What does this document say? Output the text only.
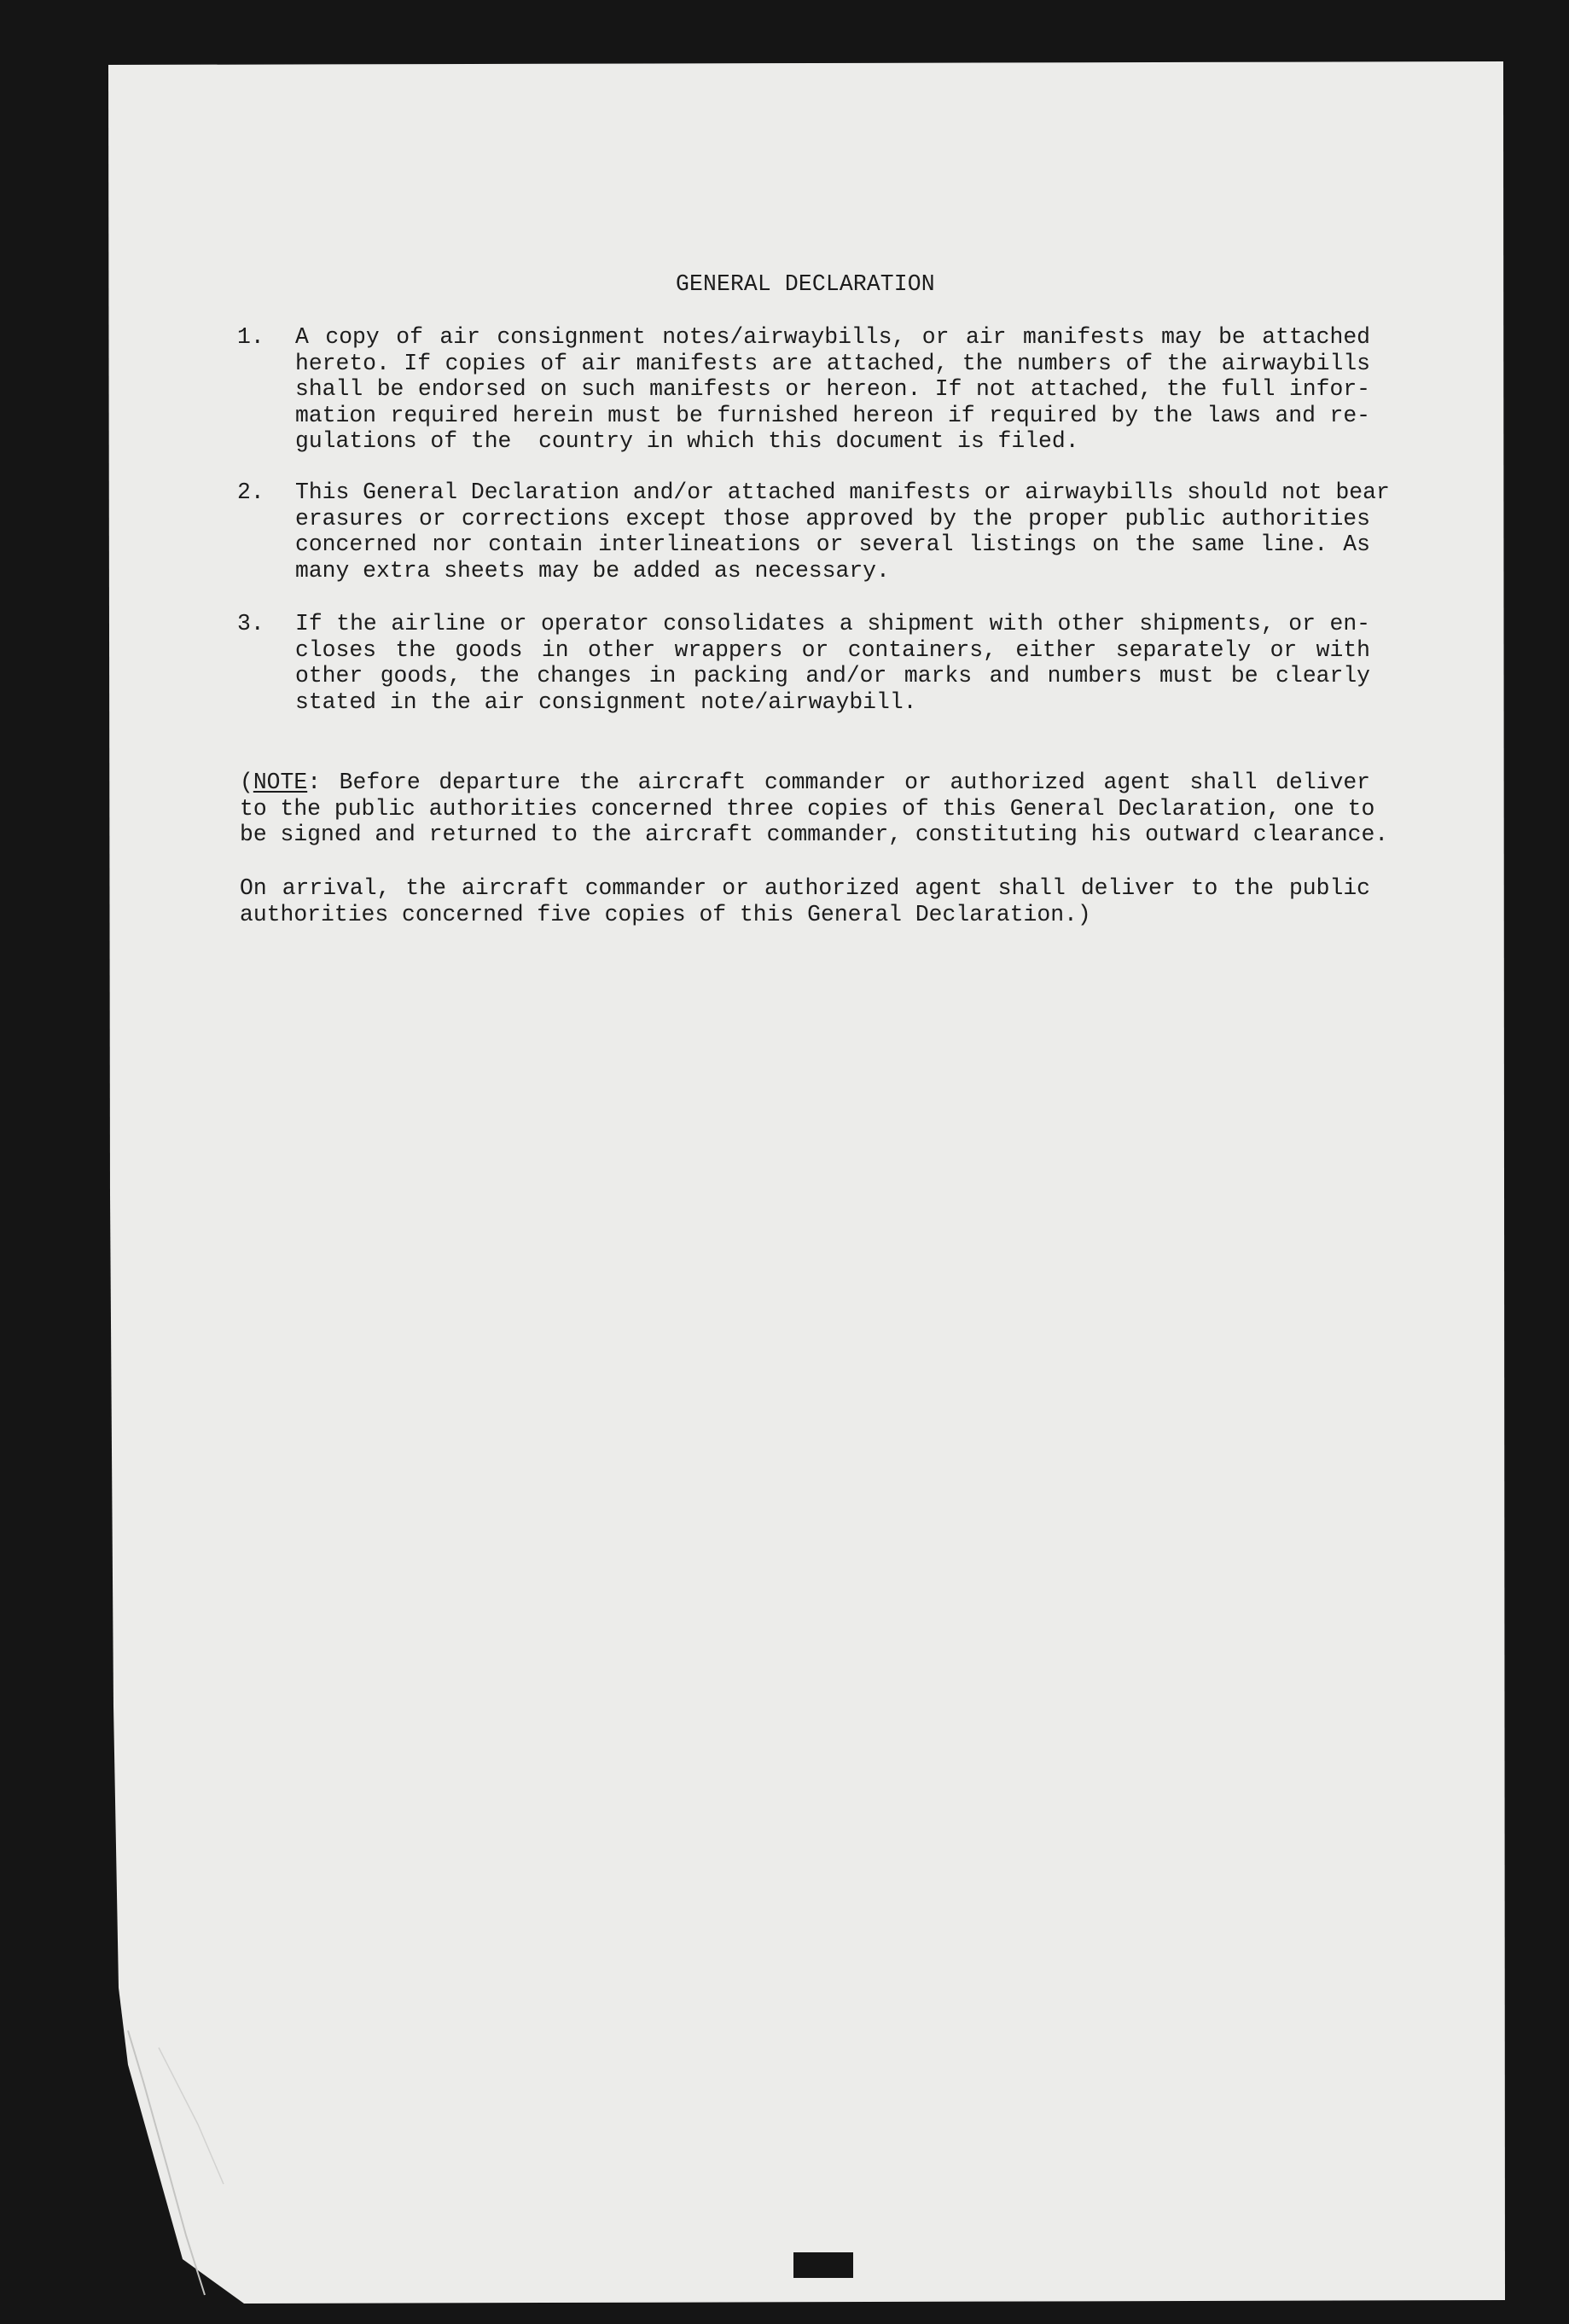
GENERAL DECLARATION
1. A copy of air consignment notes/airwaybills, or air manifests may be attached
hereto. If copies of air manifests are attached, the numbers of the airwaybills
shall be endorsed on such manifests or hereon. If not attached, the full infor-
mation required herein must be furnished hereon if required by the laws and re-
gulations of the  country in which this document is filed.
2. This General Declaration and/or attached manifests or airwaybills should not bear
erasures or corrections except those approved by the proper public authorities
concerned nor contain interlineations or several listings on the same line. As
many extra sheets may be added as necessary.
3. If the airline or operator consolidates a shipment with other shipments, or en-
closes the goods in other wrappers or containers, either separately or with
other goods, the changes in packing and/or marks and numbers must be clearly
stated in the air consignment note/airwaybill.
(NOTE: Before departure the aircraft commander or authorized agent shall deliver
to the public authorities concerned three copies of this General Declaration, one to
be signed and returned to the aircraft commander, constituting his outward clearance.
On arrival, the aircraft commander or authorized agent shall deliver to the public
authorities concerned five copies of this General Declaration.)
